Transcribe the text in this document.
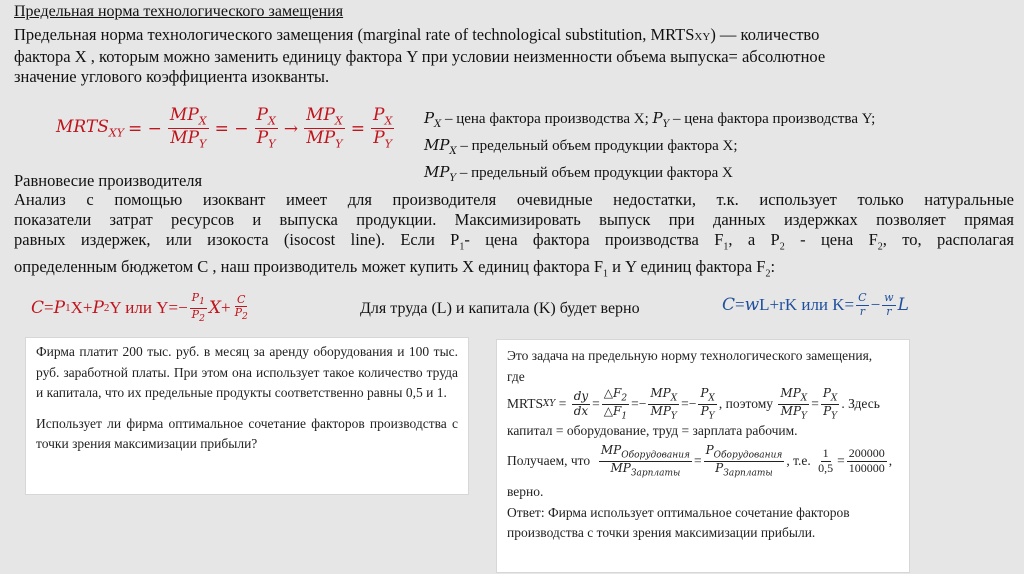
Предельная норма технологического замещения
Предельная норма технологического замещения (marginal rate of technological substitution, MRTSXY) — количество
фактора Х , которым можно заменить единицу фактора Y при условии неизменности объема выпуска= абсолютное
значение углового коэффициента изокванты.
$MRTS_{XY}$ = − $\frac{MP_X}{MP_Y}$ = − $\frac{P_X}{P_Y} \to \frac{MP_X}{MP_Y} = \frac{P_X}{P_Y} P_X$ – цена фактора производства X; $P_Y$ – цена фактора производства Y;
$MP_X$ – предельный объем продукции фактора X;
$MP_Y$ – предельный объем продукции фактора X
Равновесие производителя
Анализ с помощью изоквант имеет для производителя очевидные недостатки, т.к. использует только натуральные
показатели затрат ресурсов и выпуска продукции. Максимизировать выпуск при данных издержках позволяет прямая
равных издержек, или изокоста (isocost line). Если $P_1-$ цена фактора производства $F_1$, а $P_2$ - цена $F_2$, то, располагая
определенным бюджетом С , наш производитель может купить X единиц фактора $F_1$ и Y единиц фактора $F_2$:
C = P 1 X+ P 2 Y или $Y=- \frac{P_1}{P_2}$ $X + \frac{C}{P_2}$	Для труда (L) и капитала (K) будет верно	C = w L+ rK или $K= \frac{C}{r} - \frac{w}{r}$ L
Фирма платит 200 тыс. руб. в месяц за аренду оборудования и 100 тыс. руб. заработной платы. При этом она использует такое количество труда и капитала, что их предельные продукты соответственно равны 0,5 и 1.
Использует ли фирма оптимальное сочетание факторов производства с точки зрения максимизации прибыли?
Это задача на предельную норму технологического замещения,
где
MRTS XY = $\frac{dy}{dx} = \frac{\triangle F_2}{\triangle F_1} =- \frac{MP_X}{MP_Y} =- \frac{P_X}{P_Y}$ , поэтому
$\frac{MP_X}{MP_Y} = \frac{P_X}{P_Y}$ . Здесь
капитал = оборудование, труд = зарплата рабочим.
Получаем, что
$\frac{MP_{Оборудования}}{MP_{Зарплаты}} = \frac{P_{Оборудования}}{P_{Зарплаты}}$ , т.е.
$\frac{1}{0,5} = \frac{200000}{100000}$ ,
верно.
Ответ: Фирма использует оптимальное сочетание факторов производства с точки зрения максимизации прибыли.
